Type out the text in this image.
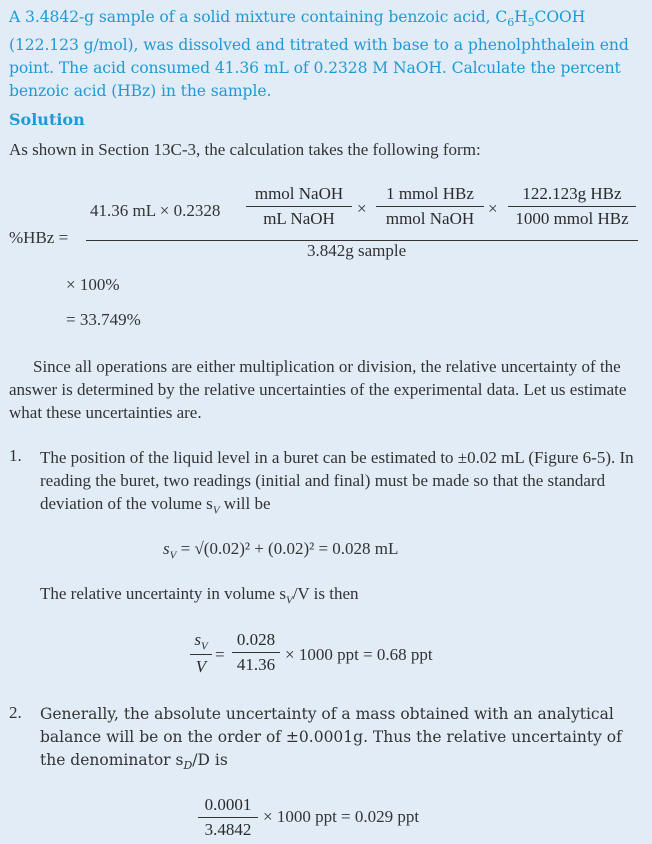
A 3.4842-g sample of a solid mixture containing benzoic acid, $C_6H_5COOH$ (122.123 g/mol), was dissolved and titrated with base to a phenolphthalein end point. The acid consumed 41.36 mL of 0.2328 M NaOH. Calculate the percent benzoic acid (HBz) in the sample.
Solution
As shown in Section 13C-3, the calculation takes the following form:
%HBz =
41.36 mL × 0.2328
mmol NaOH
mL NaOH
×
1 mmol HBz
mmol NaOH
×
122.123g HBz
1000 mmol HBz
3.842g sample
× 100%
= 33.749%
Since all operations are either multiplication or division, the relative uncertainty of the answer is determined by the relative uncertainties of the experimental data. Let us estimate what these uncertainties are.
1. The position of the liquid level in a buret can be estimated to ±0.02 mL (Figure 6-5). In reading the buret, two readings (initial and final) must be made so that the standard deviation of the volume $s_V$ will be
$s_V = √(0.02)^2 + (0.02)^2 = 0.028$ mL
The relative uncertainty in volume $s_V/V$ is then
$s_V$
V
=
0.028
41.36
× 1000 ppt = 0.68 ppt
2. Generally, the absolute uncertainty of a mass obtained with an analytical balance will be on the order of ±0.0001g. Thus the relative uncertainty of the denominator $s_D/D$ is
0.0001
3.4842
× 1000 ppt = 0.029 ppt
